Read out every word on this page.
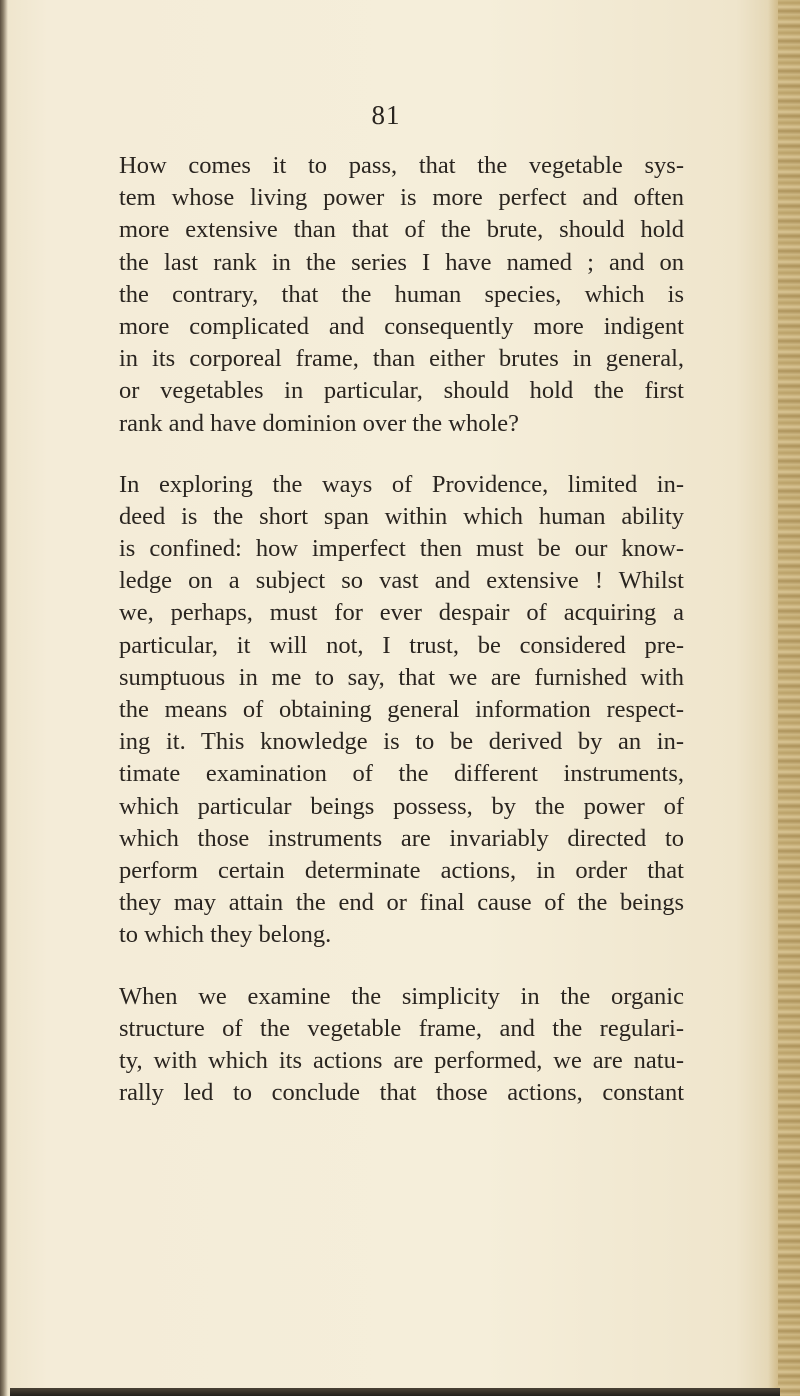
81
How comes it to pass, that the vegetable sys-
tem whose living power is more perfect and often
more extensive than that of the brute, should hold
the last rank in the series I have named ; and on
the contrary, that the human species, which is
more complicated and consequently more indigent
in its corporeal frame, than either brutes in general,
or vegetables in particular, should hold the first
rank and have dominion over the whole?
In exploring the ways of Providence, limited in-
deed is the short span within which human ability
is confined: how imperfect then must be our know-
ledge on a subject so vast and extensive ! Whilst
we, perhaps, must for ever despair of acquiring a
particular, it will not, I trust, be considered pre-
sumptuous in me to say, that we are furnished with
the means of obtaining general information respect-
ing it. This knowledge is to be derived by an in-
timate examination of the different instruments,
which particular beings possess, by the power of
which those instruments are invariably directed to
perform certain determinate actions, in order that
they may attain the end or final cause of the beings
to which they belong.
When we examine the simplicity in the organic
structure of the vegetable frame, and the regulari-
ty, with which its actions are performed, we are natu-
rally led to conclude that those actions, constant
